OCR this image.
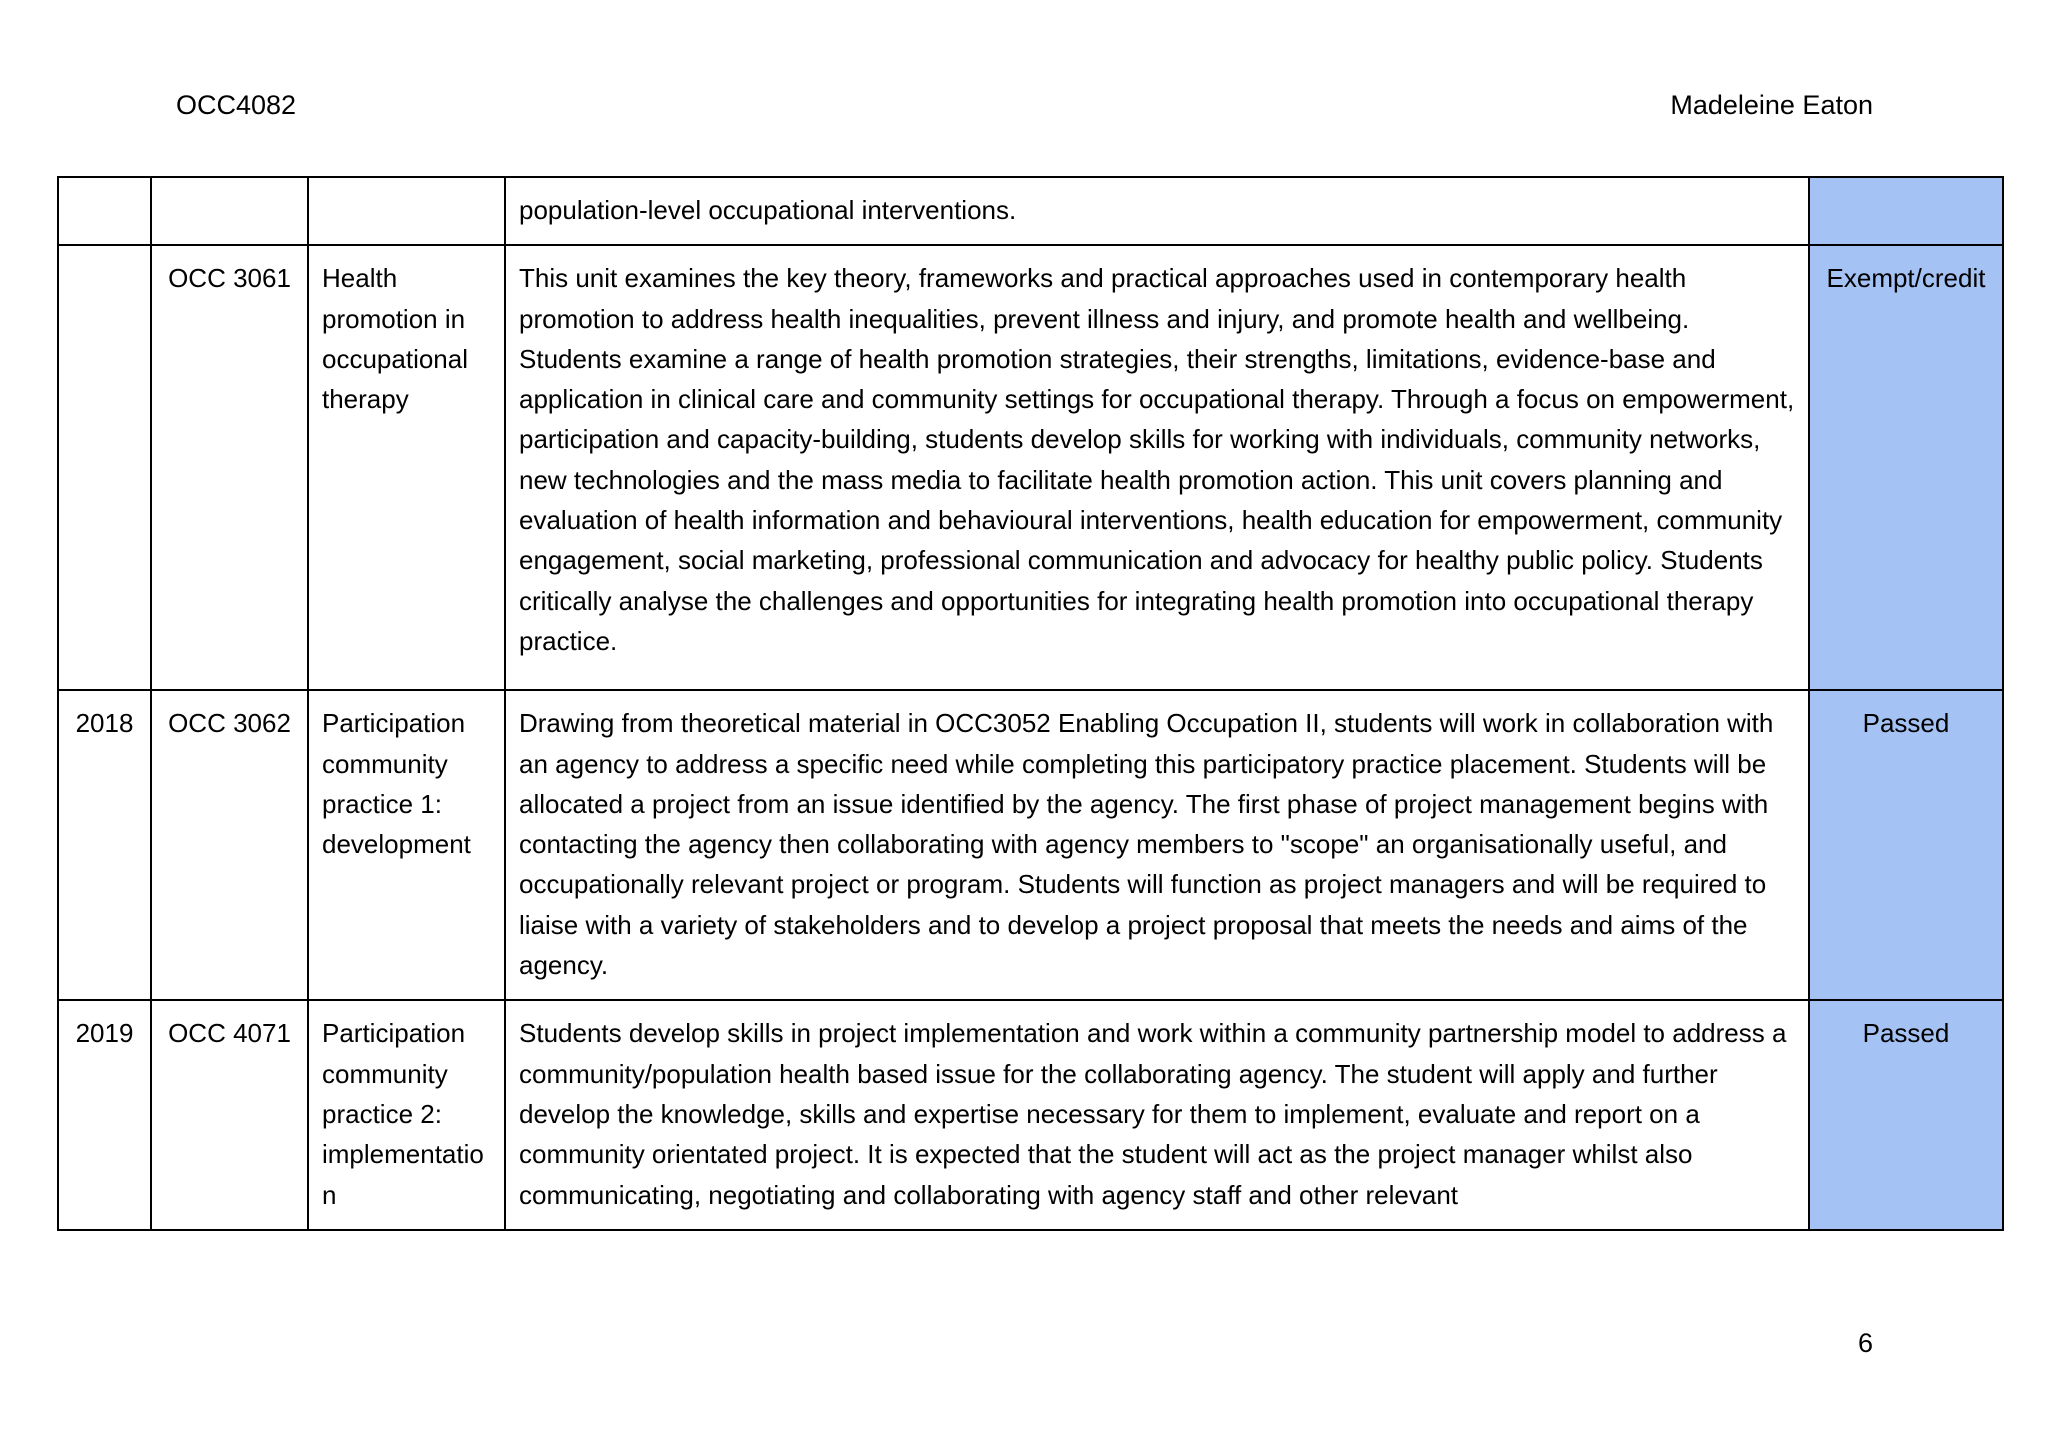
OCC4082	Madeleine Eaton
			population-level occupational interventions.	
	OCC 3061	Health promotion in occupational therapy	This unit examines the key theory, frameworks and practical approaches used in contemporary health promotion to address health inequalities, prevent illness and injury, and promote health and wellbeing. Students examine a range of health promotion strategies, their strengths, limitations, evidence-base and application in clinical care and community settings for occupational therapy. Through a focus on empowerment, participation and capacity-building, students develop skills for working with individuals, community networks, new technologies and the mass media to facilitate health promotion action. This unit covers planning and evaluation of health information and behavioural interventions, health education for empowerment, community engagement, social marketing, professional communication and advocacy for healthy public policy. Students critically analyse the challenges and opportunities for integrating health promotion into occupational therapy practice.	Exempt/credit
2018	OCC 3062	Participation community practice 1: development	Drawing from theoretical material in OCC3052 Enabling Occupation II, students will work in collaboration with an agency to address a specific need while completing this participatory practice placement. Students will be allocated a project from an issue identified by the agency. The first phase of project management begins with contacting the agency then collaborating with agency members to "scope" an organisationally useful, and occupationally relevant project or program. Students will function as project managers and will be required to liaise with a variety of stakeholders and to develop a project proposal that meets the needs and aims of the agency.	Passed
2019	OCC 4071	Participation community practice 2: implementation	Students develop skills in project implementation and work within a community partnership model to address a community/population health based issue for the collaborating agency. The student will apply and further develop the knowledge, skills and expertise necessary for them to implement, evaluate and report on a community orientated project. It is expected that the student will act as the project manager whilst also communicating, negotiating and collaborating with agency staff and other relevant	Passed
6
